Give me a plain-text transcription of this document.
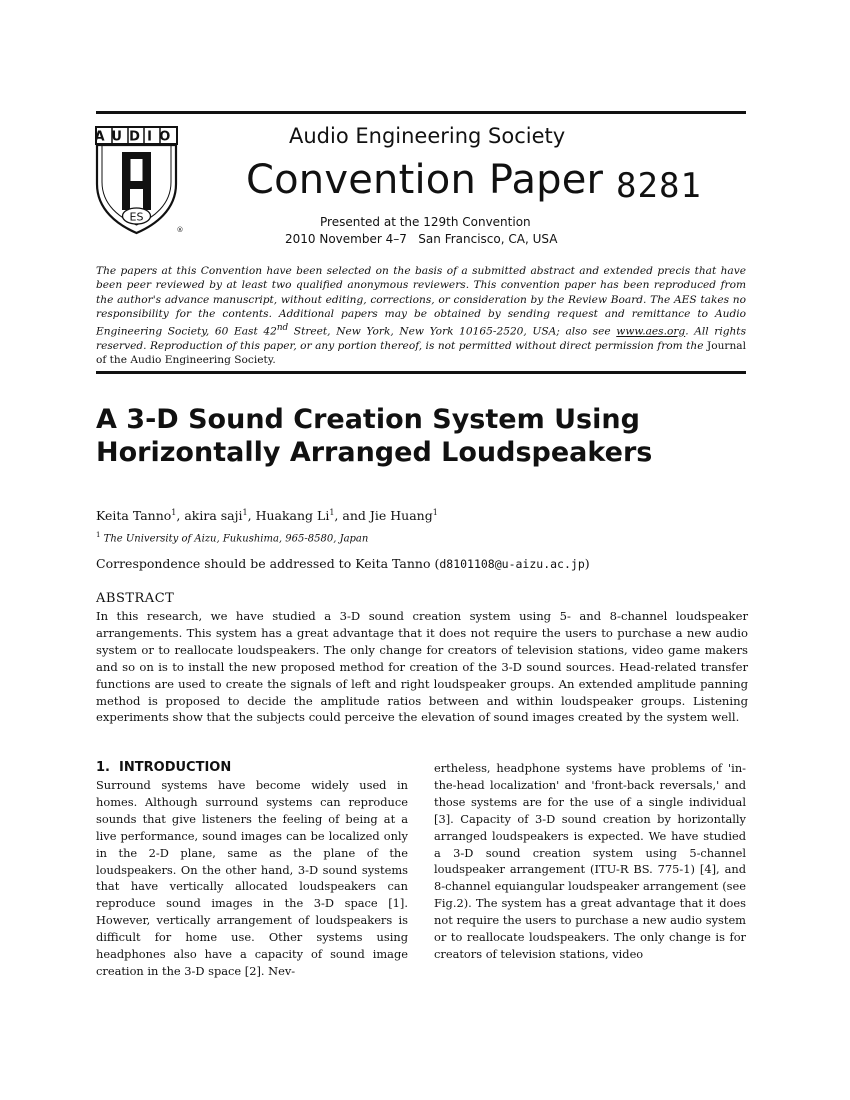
AUDIO
ES
®
Audio Engineering Society
Convention Paper 8281
Presented at the 129th Convention
2010 November 4–7   San Francisco, CA, USA
The papers at this Convention have been selected on the basis of a submitted abstract and extended precis that have been peer reviewed by at least two qualified anonymous reviewers. This convention paper has been reproduced from the author's advance manuscript, without editing, corrections, or consideration by the Review Board. The AES takes no responsibility for the contents. Additional papers may be obtained by sending request and remittance to Audio Engineering Society, 60 East 42nd Street, New York, New York 10165-2520, USA; also see www.aes.org. All rights reserved. Reproduction of this paper, or any portion thereof, is not permitted without direct permission from the Journal of the Audio Engineering Society.
A 3-D Sound Creation System Using Horizontally Arranged Loudspeakers
Keita Tanno$^1$, akira saji$^1$, Huakang Li$^1$, and Jie Huang$^1$
$^1$ The University of Aizu, Fukushima, 965-8580, Japan
Correspondence should be addressed to Keita Tanno (d8101108@u-aizu.ac.jp)
ABSTRACT
In this research, we have studied a 3-D sound creation system using 5- and 8-channel loudspeaker arrangements. This system has a great advantage that it does not require the users to purchase a new audio system or to reallocate loudspeakers. The only change for creators of television stations, video game makers and so on is to install the new proposed method for creation of the 3-D sound sources. Head-related transfer functions are used to create the signals of left and right loudspeaker groups. An extended amplitude panning method is proposed to decide the amplitude ratios between and within loudspeaker groups. Listening experiments show that the subjects could perceive the elevation of sound images created by the system well.
1. INTRODUCTION
Surround systems have become widely used in homes. Although surround systems can reproduce sounds that give listeners the feeling of being at a live performance, sound images can be localized only in the 2-D plane, same as the plane of the loudspeakers. On the other hand, 3-D sound systems that have vertically allocated loudspeakers can reproduce sound images in the 3-D space [1]. However, vertically arrangement of loudspeakers is difficult for home use. Other systems using headphones also have a capacity of sound image creation in the 3-D space [2]. Nev-
ertheless, headphone systems have problems of 'in-the-head localization' and 'front-back reversals,' and those systems are for the use of a single individual [3]. Capacity of 3-D sound creation by horizontally arranged loudspeakers is expected. We have studied a 3-D sound creation system using 5-channel loudspeaker arrangement (ITU-R BS. 775-1) [4], and 8-channel equiangular loudspeaker arrangement (see Fig.2). The system has a great advantage that it does not require the users to purchase a new audio system or to reallocate loudspeakers. The only change is for creators of television stations, video
